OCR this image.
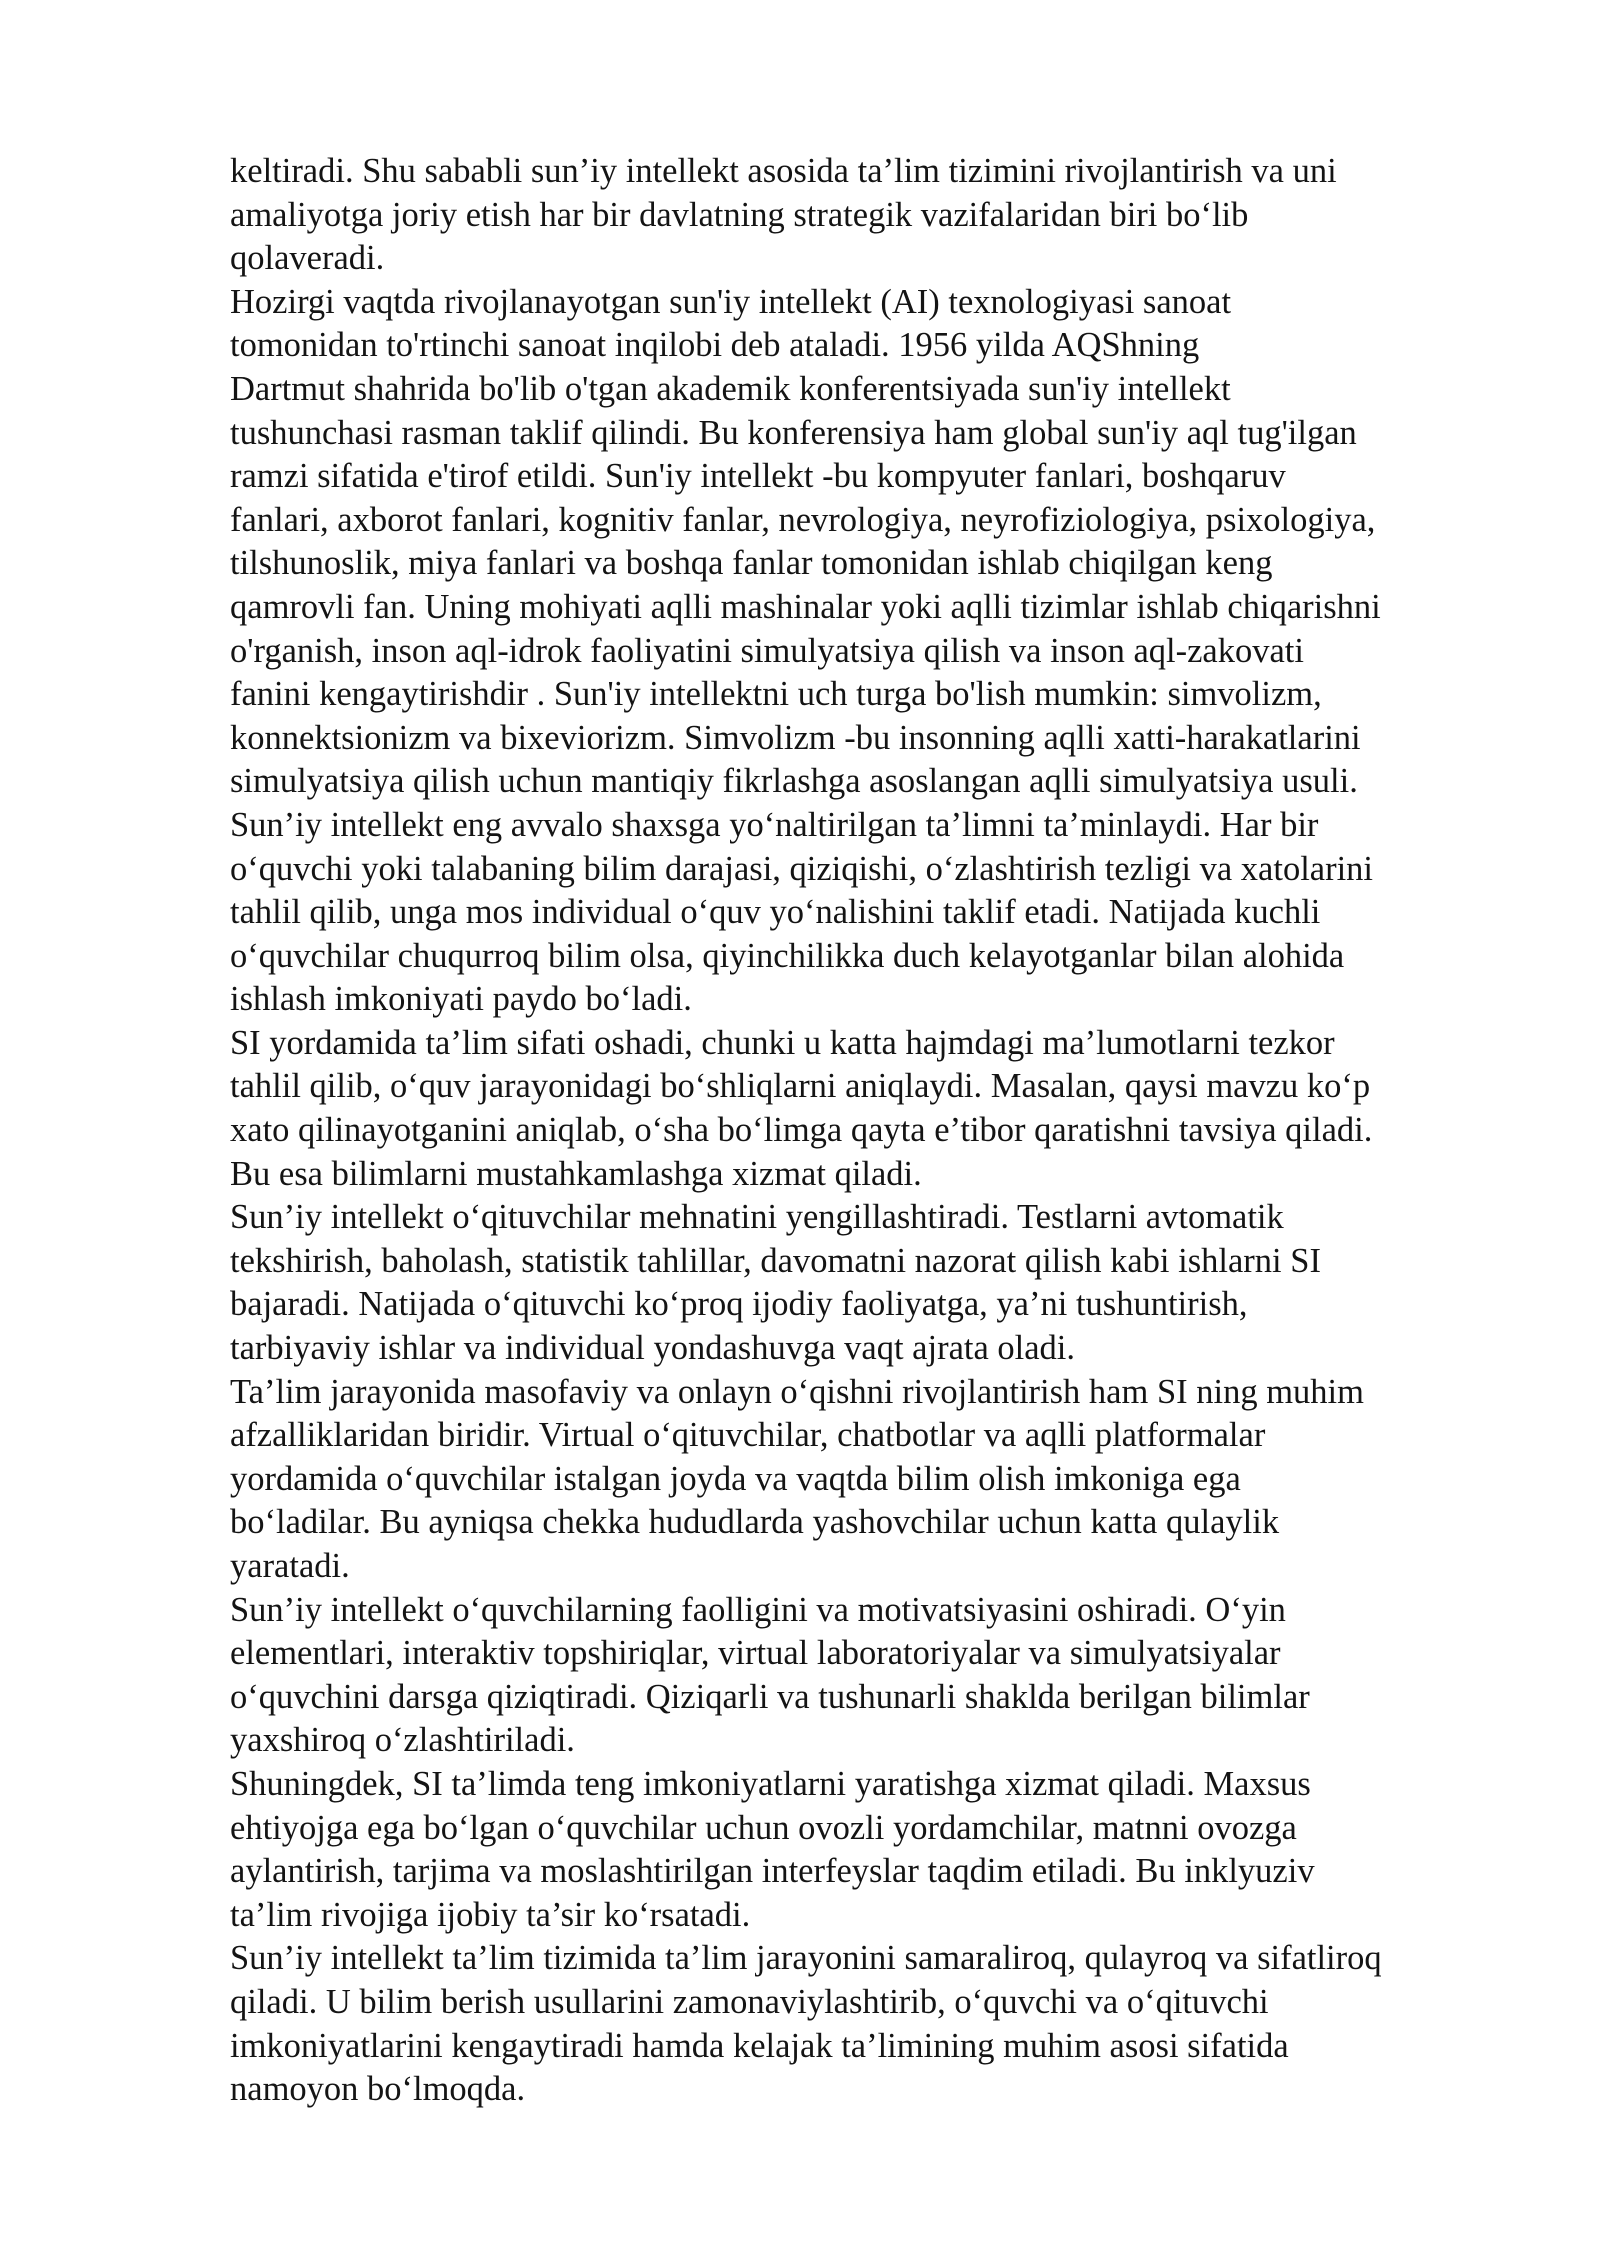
keltiradi. Shu sababli sun’iy intellekt asosida ta’lim tizimini rivojlantirish va uni
amaliyotga joriy etish har bir davlatning strategik vazifalaridan biri bo‘lib
qolaveradi.

Hozirgi vaqtda rivojlanayotgan sun'iy intellekt (AI) texnologiyasi sanoat
tomonidan to'rtinchi sanoat inqilobi deb ataladi. 1956 yilda AQShning
Dartmut shahrida bo'lib o'tgan akademik konferentsiyada sun'iy intellekt
tushunchasi rasman taklif qilindi. Bu konferensiya ham global sun'iy aql tug'ilgan
ramzi sifatida e'tirof etildi. Sun'iy intellekt -bu kompyuter fanlari, boshqaruv
fanlari, axborot fanlari, kognitiv fanlar, nevrologiya, neyrofiziologiya, psixologiya,
tilshunoslik, miya fanlari va boshqa fanlar tomonidan ishlab chiqilgan keng
qamrovli fan. Uning mohiyati aqlli mashinalar yoki aqlli tizimlar ishlab chiqarishni
o'rganish, inson aql-idrok faoliyatini simulyatsiya qilish va inson aql-zakovati
fanini kengaytirishdir . Sun'iy intellektni uch turga bo'lish mumkin: simvolizm,
konnektsionizm va bixeviorizm. Simvolizm -bu insonning aqlli xatti-harakatlarini
simulyatsiya qilish uchun mantiqiy fikrlashga asoslangan aqlli simulyatsiya usuli.

Sun’iy intellekt eng avvalo shaxsga yo‘naltirilgan ta’limni ta’minlaydi. Har bir
o‘quvchi yoki talabaning bilim darajasi, qiziqishi, o‘zlashtirish tezligi va xatolarini
tahlil qilib, unga mos individual o‘quv yo‘nalishini taklif etadi. Natijada kuchli
o‘quvchilar chuqurroq bilim olsa, qiyinchilikka duch kelayotganlar bilan alohida
ishlash imkoniyati paydo bo‘ladi.

SI yordamida ta’lim sifati oshadi, chunki u katta hajmdagi ma’lumotlarni tezkor
tahlil qilib, o‘quv jarayonidagi bo‘shliqlarni aniqlaydi. Masalan, qaysi mavzu ko‘p
xato qilinayotganini aniqlab, o‘sha bo‘limga qayta e’tibor qaratishni tavsiya qiladi.
Bu esa bilimlarni mustahkamlashga xizmat qiladi.

Sun’iy intellekt o‘qituvchilar mehnatini yengillashtiradi. Testlarni avtomatik
tekshirish, baholash, statistik tahlillar, davomatni nazorat qilish kabi ishlarni SI
bajaradi. Natijada o‘qituvchi ko‘proq ijodiy faoliyatga, ya’ni tushuntirish,
tarbiyaviy ishlar va individual yondashuvga vaqt ajrata oladi.

Ta’lim jarayonida masofaviy va onlayn o‘qishni rivojlantirish ham SI ning muhim
afzalliklaridan biridir. Virtual o‘qituvchilar, chatbotlar va aqlli platformalar
yordamida o‘quvchilar istalgan joyda va vaqtda bilim olish imkoniga ega
bo‘ladilar. Bu ayniqsa chekka hududlarda yashovchilar uchun katta qulaylik
yaratadi.

Sun’iy intellekt o‘quvchilarning faolligini va motivatsiyasini oshiradi. O‘yin
elementlari, interaktiv topshiriqlar, virtual laboratoriyalar va simulyatsiyalar
o‘quvchini darsga qiziqtiradi. Qiziqarli va tushunarli shaklda berilgan bilimlar
yaxshiroq o‘zlashtiriladi.

Shuningdek, SI ta’limda teng imkoniyatlarni yaratishga xizmat qiladi. Maxsus
ehtiyojga ega bo‘lgan o‘quvchilar uchun ovozli yordamchilar, matnni ovozga
aylantirish, tarjima va moslashtirilgan interfeyslar taqdim etiladi. Bu inklyuziv
ta’lim rivojiga ijobiy ta’sir ko‘rsatadi.

Sun’iy intellekt ta’lim tizimida ta’lim jarayonini samaraliroq, qulayroq va sifatliroq
qiladi. U bilim berish usullarini zamonaviylashtirib, o‘quvchi va o‘qituvchi
imkoniyatlarini kengaytiradi hamda kelajak ta’limining muhim asosi sifatida
namoyon bo‘lmoqda.
